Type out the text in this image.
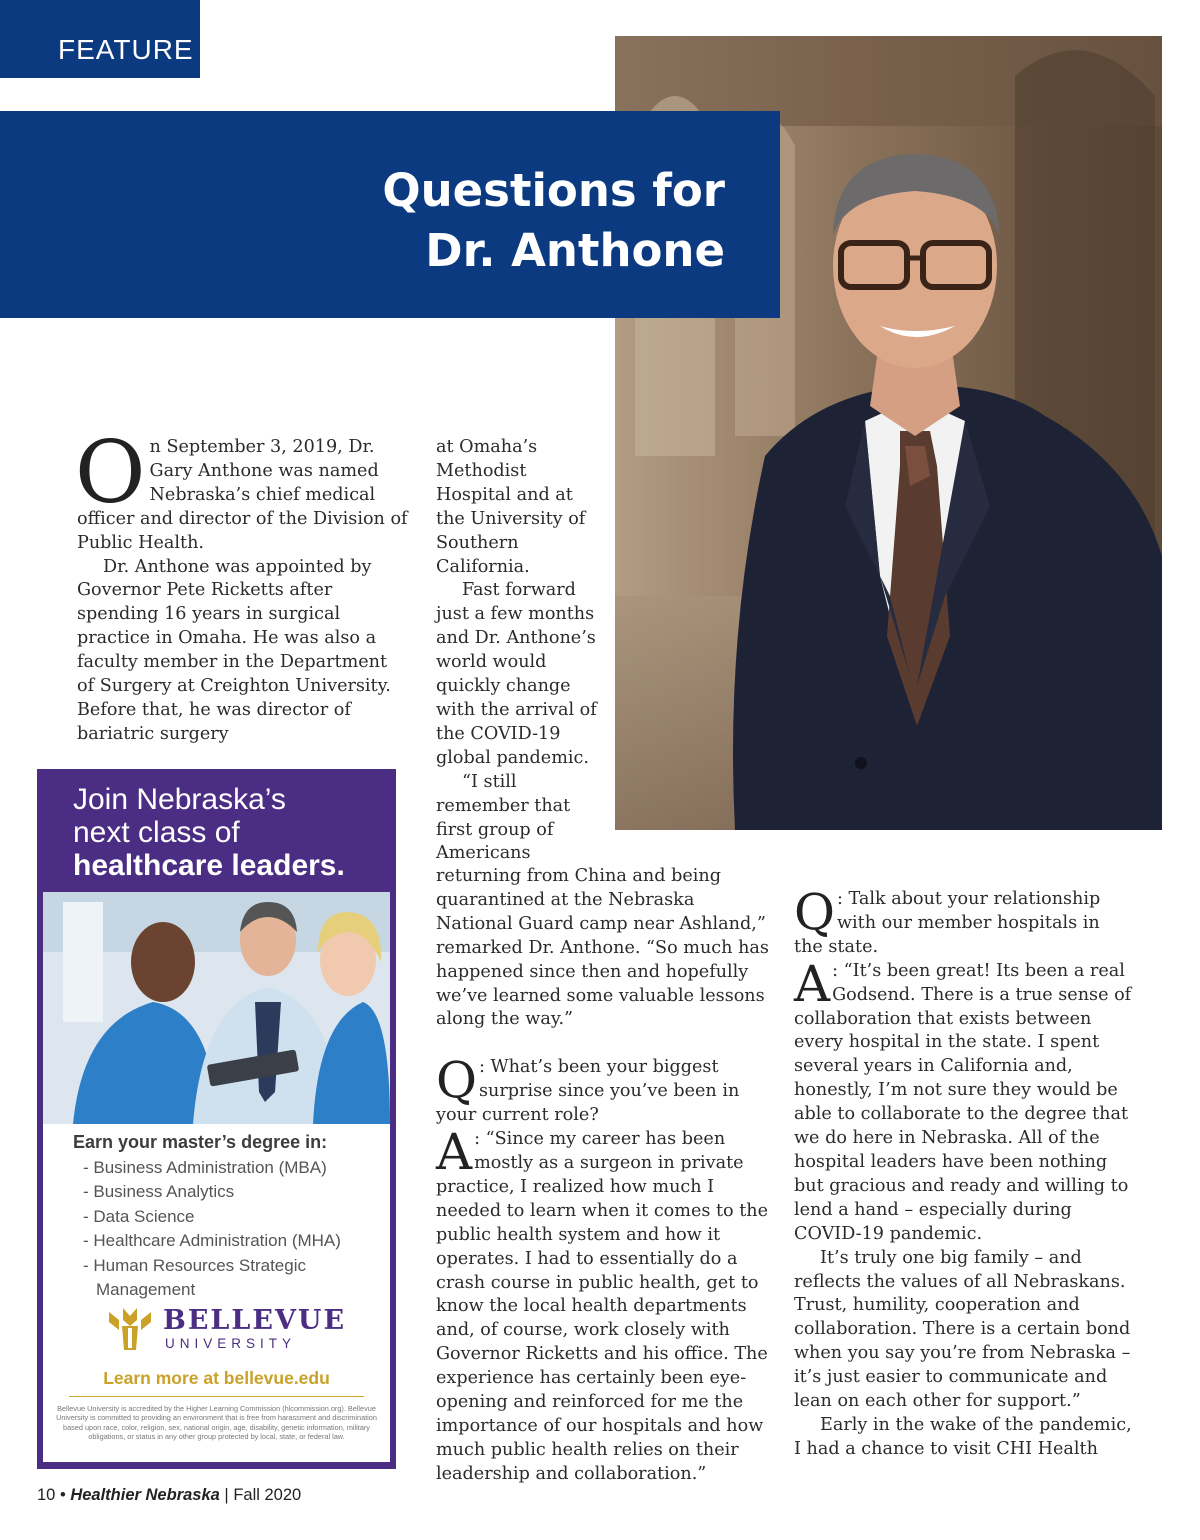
FEATURE
Questions for
Dr. Anthone

On September 3, 2019, Dr. Gary Anthone was named Nebraska’s chief medical officer and director of the Division of Public Health.

Dr. Anthone was appointed by Governor Pete Ricketts after spending 16 years in surgical practice in Omaha. He was also a faculty member in the Department of Surgery at Creighton University. Before that, he was director of bariatric surgery

at Omaha’s Methodist Hospital and at the University of Southern California.

Fast forward just a few months and Dr. Anthone’s world would quickly change with the arrival of the COVID-19 global pandemic.

“I still remember that first group of Americans

returning from China and being quarantined at the Nebraska National Guard camp near Ashland,” remarked Dr. Anthone. “So much has happened since then and hopefully we’ve learned some valuable lessons along the way.”

Q : What’s been your biggest surprise since you’ve been in your current role?

A : “Since my career has been mostly as a surgeon in private practice, I realized how much I needed to learn when it comes to the public health system and how it operates. I had to essentially do a crash course in public health, get to know the local health departments and, of course, work closely with Governor Ricketts and his office. The experience has certainly been eye-opening and reinforced for me the importance of our hospitals and how much public health relies on their leadership and collaboration.”

Q : Talk about your relationship with our member hospitals in the state.

A : “It’s been great! Its been a real Godsend. There is a true sense of collaboration that exists between every hospital in the state. I spent several years in California and, honestly, I’m not sure they would be able to collaborate to the degree that we do here in Nebraska. All of the hospital leaders have been nothing but gracious and ready and willing to lend a hand – especially during COVID-19 pandemic.

It’s truly one big family – and reflects the values of all Nebraskans. Trust, humility, cooperation and collaboration. There is a certain bond when you say you’re from Nebraska – it’s just easier to communicate and lean on each other for support.”

Early in the wake of the pandemic, I had a chance to visit CHI Health

Join Nebraska’s
next class of
healthcare leaders.
Earn your master’s degree in:
- Business Administration (MBA)
- Business Analytics
- Data Science
- Healthcare Administration (MHA)
- Human Resources Strategic Management
BELLEVUE
UNIVERSITY
Learn more at bellevue.edu
Bellevue University is accredited by the Higher Learning Commission (hlcommission.org). Bellevue University is committed to providing an environment that is free from harassment and discrimination based upon race, color, religion, sex, national origin, age, disability, genetic information, military obligations, or status in any other group protected by local, state, or federal law.
10 • Healthier Nebraska | Fall 2020
